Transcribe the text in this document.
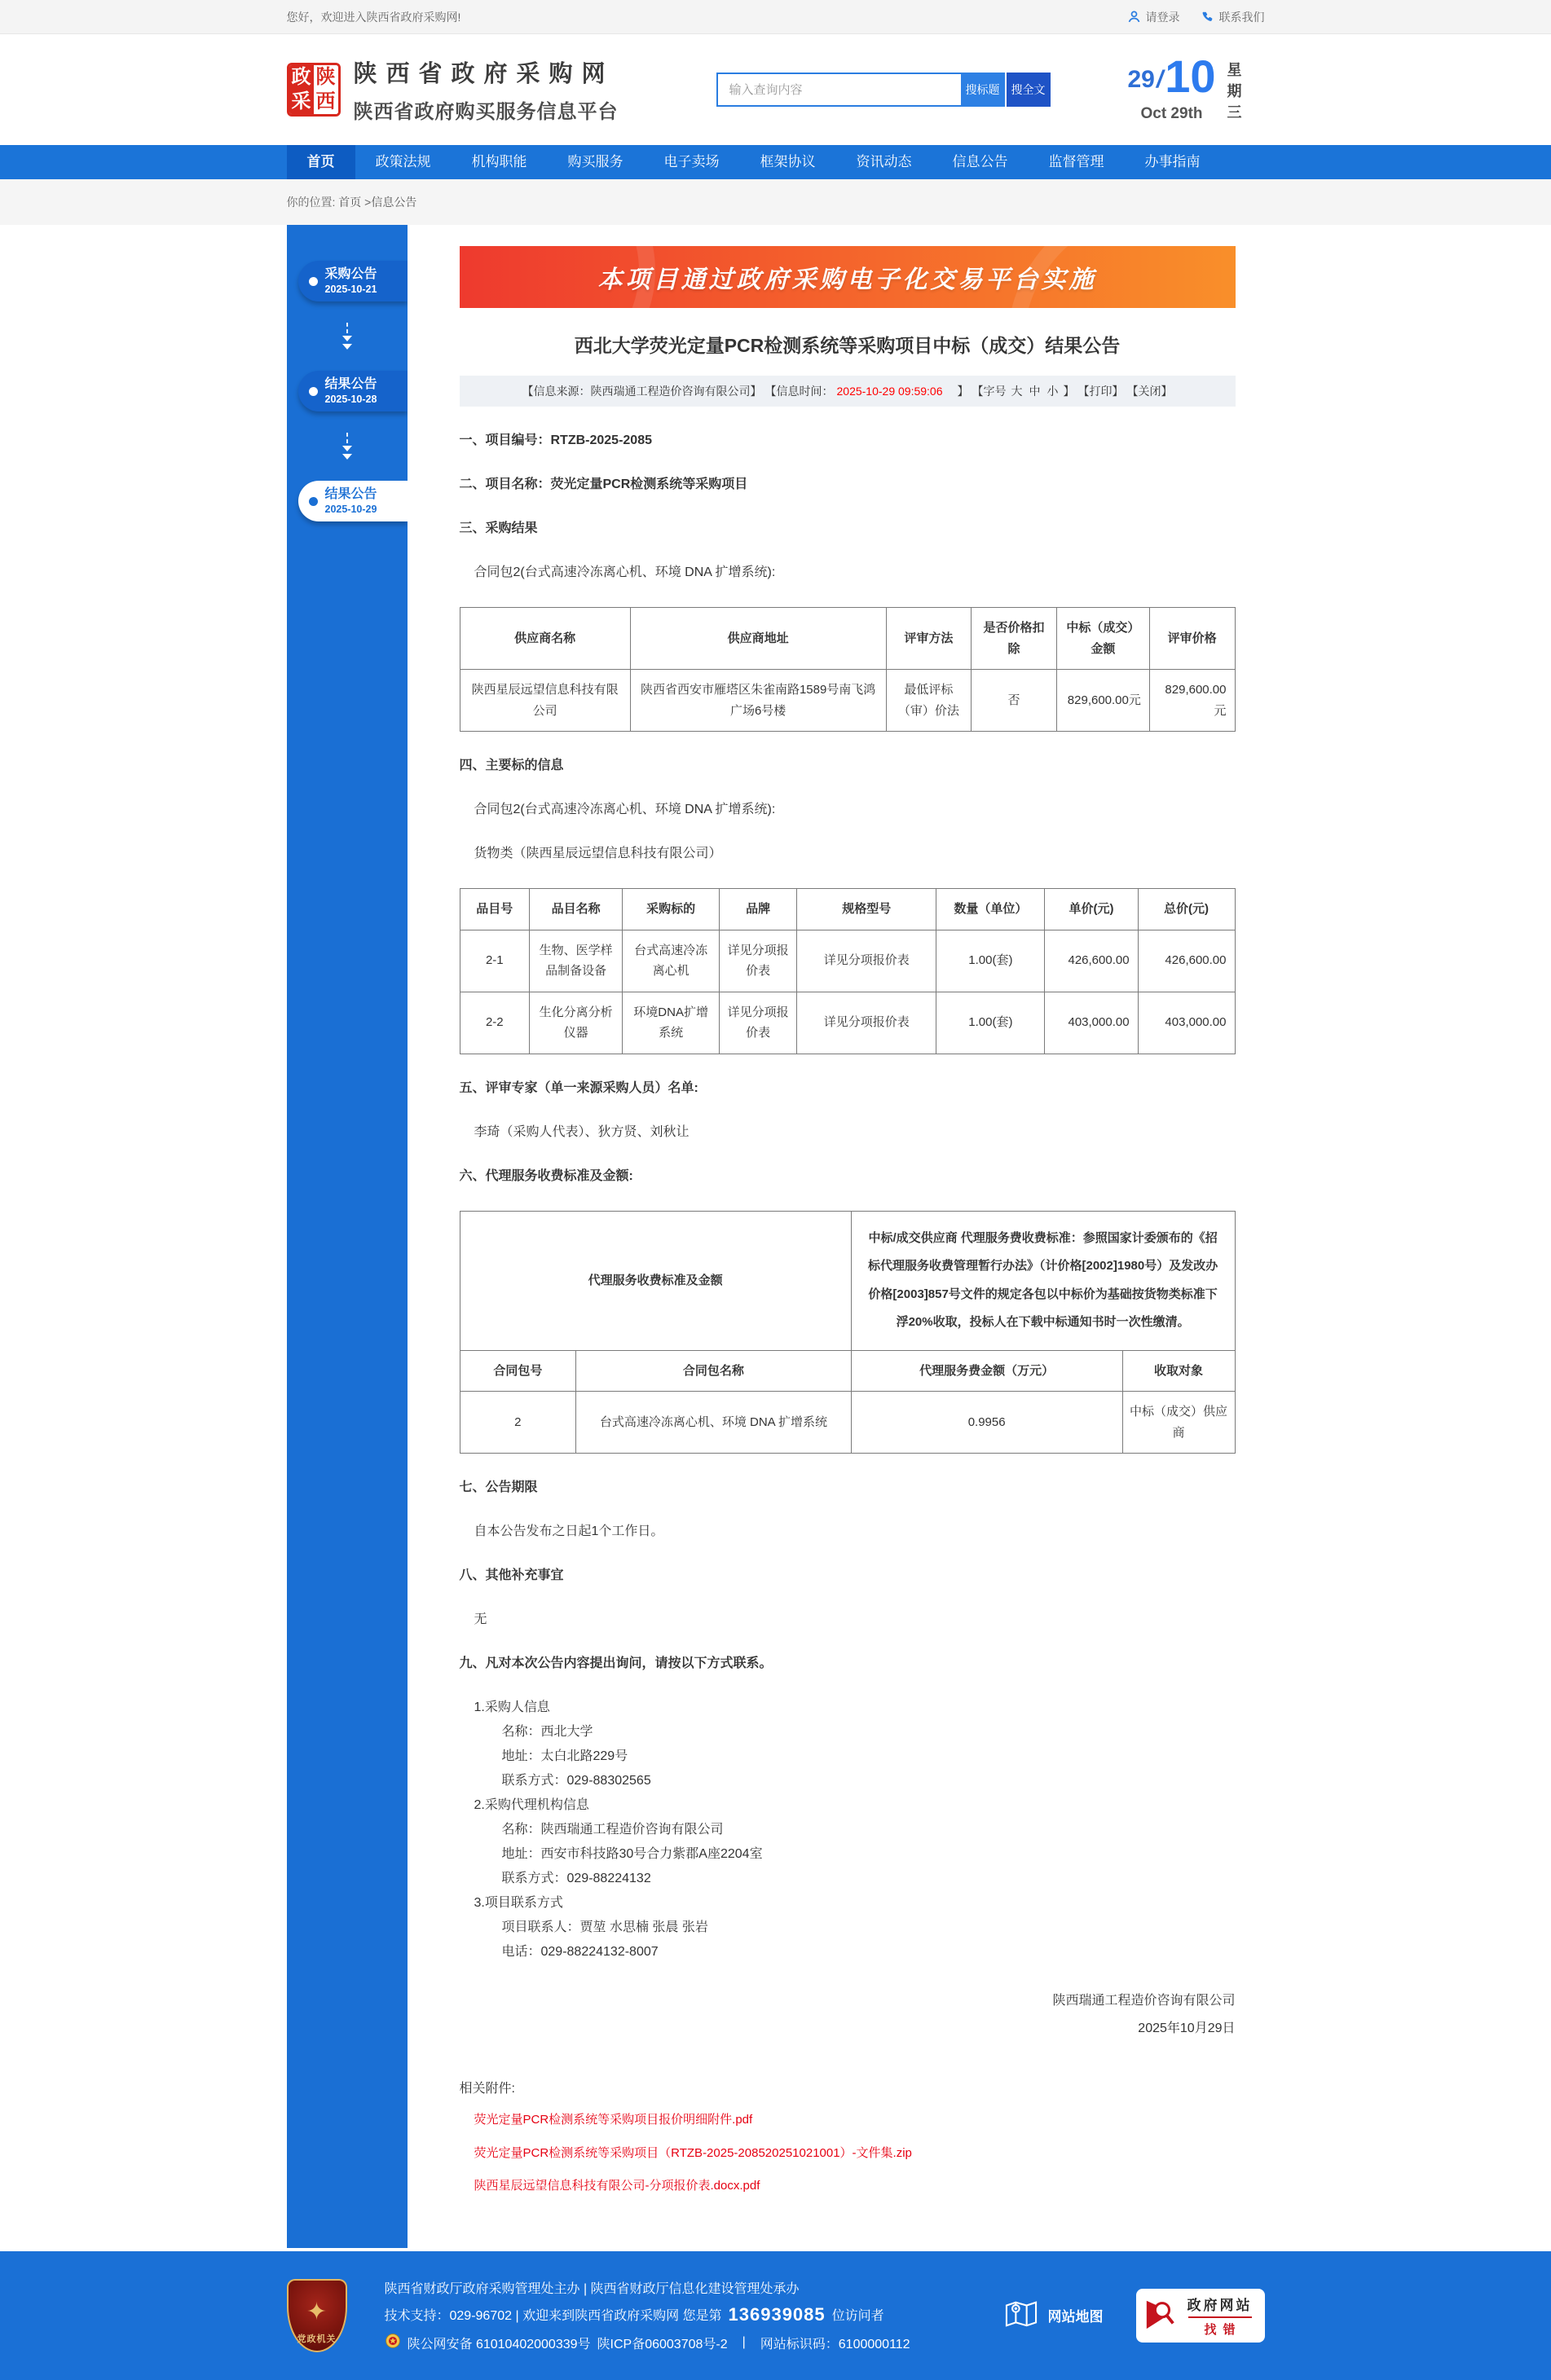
您好，欢迎进入陕西省政府采购网!	请登录	联系我们
政
采
陕
西
陕西省政府采购网
陕西省政府购买服务信息平台
输入查询内容
搜标题	搜全文	29 / 10
Oct 29th
星期三
首页	政策法规	机构职能	购买服务	电子卖场	框架协议	资讯动态	信息公告	监督管理	办事指南
你的位置: 首页 >信息公告
采购公告
2025-10-21
结果公告
2025-10-28
结果公告
2025-10-29
本项目通过政府采购电子化交易平台实施
西北大学荧光定量PCR检测系统等采购项目中标（成交）结果公告
【信息来源：陕西瑞通工程造价咨询有限公司】 【信息时间： 2025-10-29 09:59:06 　】 【字号 大 中 小 】 【打印】 【关闭】

一、项目编号：RTZB-2025-2085

二、项目名称：荧光定量PCR检测系统等采购项目

三、采购结果

合同包2(台式高速冷冻离心机、环境 DNA 扩增系统):

供应商名称	供应商地址	评审方法	是否价格扣除	中标（成交）金额	评审价格
陕西星辰远望信息科技有限公司	陕西省西安市雁塔区朱雀南路1589号南飞鸿广场6号楼	最低评标（审）价法	否	829,600.00元	829,600.00元

四、主要标的信息

合同包2(台式高速冷冻离心机、环境 DNA 扩增系统):

货物类（陕西星辰远望信息科技有限公司）

品目号	品目名称	采购标的	品牌	规格型号	数量（单位）	单价(元)	总价(元)
2-1	生物、医学样品制备设备	台式高速冷冻离心机	详见分项报价表	详见分项报价表	1.00(套)	426,600.00	426,600.00
2-2	生化分离分析仪器	环境DNA扩增系统	详见分项报价表	详见分项报价表	1.00(套)	403,000.00	403,000.00

五、评审专家（单一来源采购人员）名单:

李琦（采购人代表）、狄方贤、刘秋让

六、代理服务收费标准及金额:

代理服务收费标准及金额		中标/成交供应商 代理服务费收费标准：参照国家计委颁布的《招标代理服务收费管理暂行办法》（计价格[2002]1980号）及发改办价格[2003]857号文件的规定各包以中标价为基础按货物类标准下浮20%收取，投标人在下载中标通知书时一次性缴清。	
合同包号	合同包名称	代理服务费金额（万元）	收取对象
2	台式高速冷冻离心机、环境 DNA 扩增系统	0.9956	中标（成交）供应商

七、公告期限

自本公告发布之日起1个工作日。

八、其他补充事宜

无

九、凡对本次公告内容提出询问，请按以下方式联系。

1.采购人信息

名称：西北大学

地址：太白北路229号

联系方式：029-88302565

2.采购代理机构信息

名称：陕西瑞通工程造价咨询有限公司

地址：西安市科技路30号合力紫郡A座2204室

联系方式：029-88224132

3.项目联系方式

项目联系人：贾堃 水思楠 张晨 张岩

电话：029-88224132-8007

陕西瑞通工程造价咨询有限公司

2025年10月29日

相关附件:
荧光定量PCR检测系统等采购项目报价明细附件.pdf
荧光定量PCR检测系统等采购项目（RTZB-2025-208520251021001）-文件集.zip
陕西星辰远望信息科技有限公司-分项报价表.docx.pdf
✦
党政机关
陕西省财政厅政府采购管理处主办 | 陕西省财政厅信息化建设管理处承办
技术支持：029-96702 | 欢迎来到陕西省政府采购网 您是第 136939085 位访问者
陕公网安备 61010402000339号 陕ICP备06003708号-2	|	网站标识码：6100000112
网站地图
政府网站
找错
